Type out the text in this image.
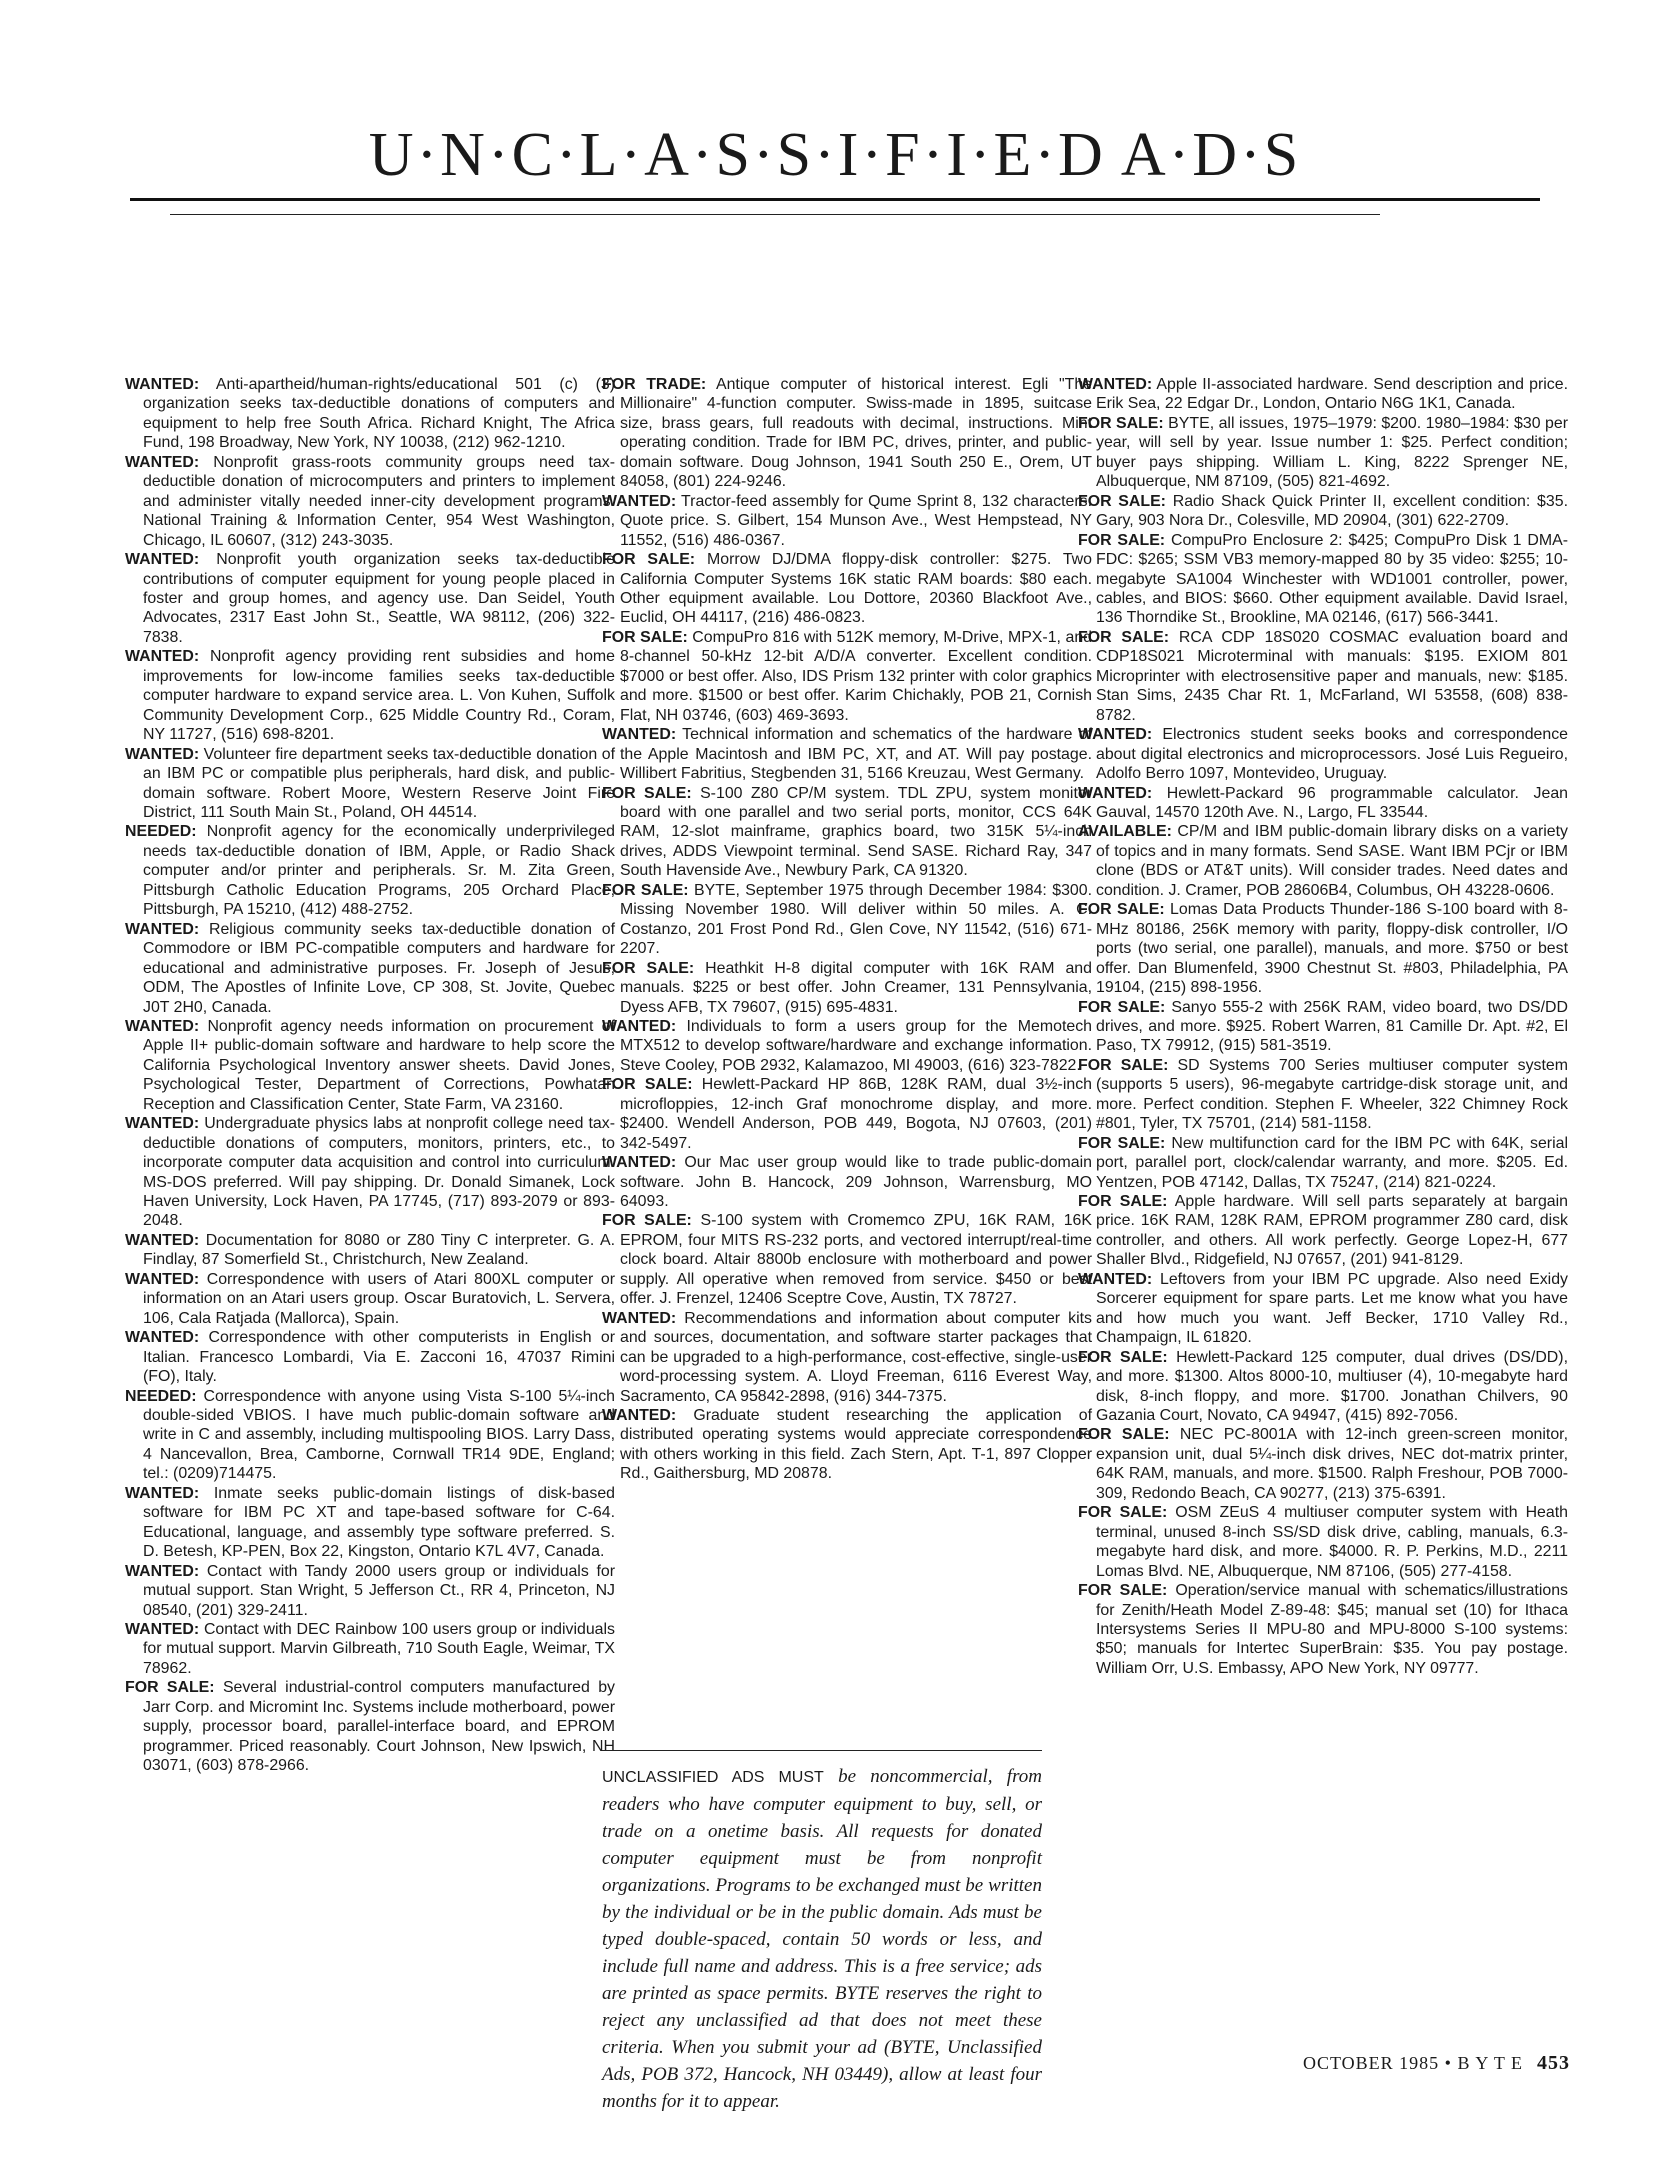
U·N·C·L·A·S·S·I·F·I·E·D A·D·S

WANTED: Anti-apartheid/human-rights/educational 501 (c) (3) organization seeks tax-deductible donations of computers and equipment to help free South Africa. Richard Knight, The Africa Fund, 198 Broadway, New York, NY 10038, (212) 962-1210.

WANTED: Nonprofit grass-roots community groups need tax-deductible donation of microcomputers and printers to implement and administer vitally needed inner-city development programs. National Training & Information Center, 954 West Washington, Chicago, IL 60607, (312) 243-3035.

WANTED: Nonprofit youth organization seeks tax-deductible contributions of computer equipment for young people placed in foster and group homes, and agency use. Dan Seidel, Youth Advocates, 2317 East John St., Seattle, WA 98112, (206) 322-7838.

WANTED: Nonprofit agency providing rent subsidies and home improvements for low-income families seeks tax-deductible computer hardware to expand service area. L. Von Kuhen, Suffolk Community Development Corp., 625 Middle Country Rd., Coram, NY 11727, (516) 698-8201.

WANTED: Volunteer fire department seeks tax-deductible donation of an IBM PC or compatible plus peripherals, hard disk, and public-domain software. Robert Moore, Western Reserve Joint Fire District, 111 South Main St., Poland, OH 44514.

NEEDED: Nonprofit agency for the economically underprivileged needs tax-deductible donation of IBM, Apple, or Radio Shack computer and/or printer and peripherals. Sr. M. Zita Green, Pittsburgh Catholic Education Programs, 205 Orchard Place, Pittsburgh, PA 15210, (412) 488-2752.

WANTED: Religious community seeks tax-deductible donation of Commodore or IBM PC-compatible computers and hardware for educational and administrative purposes. Fr. Joseph of Jesus, ODM, The Apostles of Infinite Love, CP 308, St. Jovite, Quebec J0T 2H0, Canada.

WANTED: Nonprofit agency needs information on procurement of Apple II+ public-domain software and hardware to help score the California Psychological Inventory answer sheets. David Jones, Psychological Tester, Department of Corrections, Powhatan Reception and Classification Center, State Farm, VA 23160.

WANTED: Undergraduate physics labs at nonprofit college need tax-deductible donations of computers, monitors, printers, etc., to incorporate computer data acquisition and control into curriculum. MS-DOS preferred. Will pay shipping. Dr. Donald Simanek, Lock Haven University, Lock Haven, PA 17745, (717) 893-2079 or 893-2048.

WANTED: Documentation for 8080 or Z80 Tiny C interpreter. G. A. Findlay, 87 Somerfield St., Christchurch, New Zealand.

WANTED: Correspondence with users of Atari 800XL computer or information on an Atari users group. Oscar Buratovich, L. Servera, 106, Cala Ratjada (Mallorca), Spain.

WANTED: Correspondence with other computerists in English or Italian. Francesco Lombardi, Via E. Zacconi 16, 47037 Rimini (FO), Italy.

NEEDED: Correspondence with anyone using Vista S-100 5¼-inch double-sided VBIOS. I have much public-domain software and write in C and assembly, including multispooling BIOS. Larry Dass, 4 Nancevallon, Brea, Camborne, Cornwall TR14 9DE, England; tel.: (0209)714475.

WANTED: Inmate seeks public-domain listings of disk-based software for IBM PC XT and tape-based software for C-64. Educational, language, and assembly type software preferred. S. D. Betesh, KP-PEN, Box 22, Kingston, Ontario K7L 4V7, Canada.

WANTED: Contact with Tandy 2000 users group or individuals for mutual support. Stan Wright, 5 Jefferson Ct., RR 4, Princeton, NJ 08540, (201) 329-2411.

WANTED: Contact with DEC Rainbow 100 users group or individuals for mutual support. Marvin Gilbreath, 710 South Eagle, Weimar, TX 78962.

FOR SALE: Several industrial-control computers manufactured by Jarr Corp. and Micromint Inc. Systems include motherboard, power supply, processor board, parallel-interface board, and EPROM programmer. Priced reasonably. Court Johnson, New Ipswich, NH 03071, (603) 878-2966.

FOR TRADE: Antique computer of historical interest. Egli "The Millionaire" 4-function computer. Swiss-made in 1895, suitcase size, brass gears, full readouts with decimal, instructions. Mint operating condition. Trade for IBM PC, drives, printer, and public-domain software. Doug Johnson, 1941 South 250 E., Orem, UT 84058, (801) 224-9246.

WANTED: Tractor-feed assembly for Qume Sprint 8, 132 characters. Quote price. S. Gilbert, 154 Munson Ave., West Hempstead, NY 11552, (516) 486-0367.

FOR SALE: Morrow DJ/DMA floppy-disk controller: $275. Two California Computer Systems 16K static RAM boards: $80 each. Other equipment available. Lou Dottore, 20360 Blackfoot Ave., Euclid, OH 44117, (216) 486-0823.

FOR SALE: CompuPro 816 with 512K memory, M-Drive, MPX-1, and 8-channel 50-kHz 12-bit A/D/A converter. Excellent condition. $7000 or best offer. Also, IDS Prism 132 printer with color graphics and more. $1500 or best offer. Karim Chichakly, POB 21, Cornish Flat, NH 03746, (603) 469-3693.

WANTED: Technical information and schematics of the hardware of the Apple Macintosh and IBM PC, XT, and AT. Will pay postage. Willibert Fabritius, Stegbenden 31, 5166 Kreuzau, West Germany.

FOR SALE: S-100 Z80 CP/M system. TDL ZPU, system monitor board with one parallel and two serial ports, monitor, CCS 64K RAM, 12-slot mainframe, graphics board, two 315K 5¼-inch drives, ADDS Viewpoint terminal. Send SASE. Richard Ray, 347 South Havenside Ave., Newbury Park, CA 91320.

FOR SALE: BYTE, September 1975 through December 1984: $300. Missing November 1980. Will deliver within 50 miles. A. C. Costanzo, 201 Frost Pond Rd., Glen Cove, NY 11542, (516) 671-2207.

FOR SALE: Heathkit H-8 digital computer with 16K RAM and manuals. $225 or best offer. John Creamer, 131 Pennsylvania, Dyess AFB, TX 79607, (915) 695-4831.

WANTED: Individuals to form a users group for the Memotech MTX512 to develop software/hardware and exchange information. Steve Cooley, POB 2932, Kalamazoo, MI 49003, (616) 323-7822.

FOR SALE: Hewlett-Packard HP 86B, 128K RAM, dual 3½-inch microfloppies, 12-inch Graf monochrome display, and more. $2400. Wendell Anderson, POB 449, Bogota, NJ 07603, (201) 342-5497.

WANTED: Our Mac user group would like to trade public-domain software. John B. Hancock, 209 Johnson, Warrensburg, MO 64093.

FOR SALE: S-100 system with Cromemco ZPU, 16K RAM, 16K EPROM, four MITS RS-232 ports, and vectored interrupt/real-time clock board. Altair 8800b enclosure with motherboard and power supply. All operative when removed from service. $450 or best offer. J. Frenzel, 12406 Sceptre Cove, Austin, TX 78727.

WANTED: Recommendations and information about computer kits and sources, documentation, and software starter packages that can be upgraded to a high-performance, cost-effective, single-user word-processing system. A. Lloyd Freeman, 6116 Everest Way, Sacramento, CA 95842-2898, (916) 344-7375.

WANTED: Graduate student researching the application of distributed operating systems would appreciate correspondence with others working in this field. Zach Stern, Apt. T-1, 897 Clopper Rd., Gaithersburg, MD 20878.

WANTED: Apple II-associated hardware. Send description and price. Erik Sea, 22 Edgar Dr., London, Ontario N6G 1K1, Canada.

FOR SALE: BYTE, all issues, 1975–1979: $200. 1980–1984: $30 per year, will sell by year. Issue number 1: $25. Perfect condition; buyer pays shipping. William L. King, 8222 Sprenger NE, Albuquerque, NM 87109, (505) 821-4692.

FOR SALE: Radio Shack Quick Printer II, excellent condition: $35. Gary, 903 Nora Dr., Colesville, MD 20904, (301) 622-2709.

FOR SALE: CompuPro Enclosure 2: $425; CompuPro Disk 1 DMA-FDC: $265; SSM VB3 memory-mapped 80 by 35 video: $255; 10-megabyte SA1004 Winchester with WD1001 controller, power, cables, and BIOS: $660. Other equipment available. David Israel, 136 Thorndike St., Brookline, MA 02146, (617) 566-3441.

FOR SALE: RCA CDP 18S020 COSMAC evaluation board and CDP18S021 Microterminal with manuals: $195. EXIOM 801 Microprinter with electrosensitive paper and manuals, new: $185. Stan Sims, 2435 Char Rt. 1, McFarland, WI 53558, (608) 838-8782.

WANTED: Electronics student seeks books and correspondence about digital electronics and microprocessors. José Luis Regueiro, Adolfo Berro 1097, Montevideo, Uruguay.

WANTED: Hewlett-Packard 96 programmable calculator. Jean Gauval, 14570 120th Ave. N., Largo, FL 33544.

AVAILABLE: CP/M and IBM public-domain library disks on a variety of topics and in many formats. Send SASE. Want IBM PCjr or IBM clone (BDS or AT&T units). Will consider trades. Need dates and condition. J. Cramer, POB 28606B4, Columbus, OH 43228-0606.

FOR SALE: Lomas Data Products Thunder-186 S-100 board with 8-MHz 80186, 256K memory with parity, floppy-disk controller, I/O ports (two serial, one parallel), manuals, and more. $750 or best offer. Dan Blumenfeld, 3900 Chestnut St. #803, Philadelphia, PA 19104, (215) 898-1956.

FOR SALE: Sanyo 555-2 with 256K RAM, video board, two DS/DD drives, and more. $925. Robert Warren, 81 Camille Dr. Apt. #2, El Paso, TX 79912, (915) 581-3519.

FOR SALE: SD Systems 700 Series multiuser computer system (supports 5 users), 96-megabyte cartridge-disk storage unit, and more. Perfect condition. Stephen F. Wheeler, 322 Chimney Rock #801, Tyler, TX 75701, (214) 581-1158.

FOR SALE: New multifunction card for the IBM PC with 64K, serial port, parallel port, clock/calendar warranty, and more. $205. Ed. Yentzen, POB 47142, Dallas, TX 75247, (214) 821-0224.

FOR SALE: Apple hardware. Will sell parts separately at bargain price. 16K RAM, 128K RAM, EPROM programmer Z80 card, disk controller, and others. All work perfectly. George Lopez-H, 677 Shaller Blvd., Ridgefield, NJ 07657, (201) 941-8129.

WANTED: Leftovers from your IBM PC upgrade. Also need Exidy Sorcerer equipment for spare parts. Let me know what you have and how much you want. Jeff Becker, 1710 Valley Rd., Champaign, IL 61820.

FOR SALE: Hewlett-Packard 125 computer, dual drives (DS/DD), and more. $1300. Altos 8000-10, multiuser (4), 10-megabyte hard disk, 8-inch floppy, and more. $1700. Jonathan Chilvers, 90 Gazania Court, Novato, CA 94947, (415) 892-7056.

FOR SALE: NEC PC-8001A with 12-inch green-screen monitor, expansion unit, dual 5¼-inch disk drives, NEC dot-matrix printer, 64K RAM, manuals, and more. $1500. Ralph Freshour, POB 7000-309, Redondo Beach, CA 90277, (213) 375-6391.

FOR SALE: OSM ZEuS 4 multiuser computer system with Heath terminal, unused 8-inch SS/SD disk drive, cabling, manuals, 6.3-megabyte hard disk, and more. $4000. R. P. Perkins, M.D., 2211 Lomas Blvd. NE, Albuquerque, NM 87106, (505) 277-4158.

FOR SALE: Operation/service manual with schematics/illustrations for Zenith/Heath Model Z-89-48: $45; manual set (10) for Ithaca Intersystems Series II MPU-80 and MPU-8000 S-100 systems: $50; manuals for Intertec SuperBrain: $35. You pay postage. William Orr, U.S. Embassy, APO New York, NY 09777.

UNCLASSIFIED ADS MUST be noncommercial, from readers who have computer equipment to buy, sell, or trade on a onetime basis. All requests for donated computer equipment must be from nonprofit organizations. Programs to be exchanged must be written by the individual or be in the public domain. Ads must be typed double-spaced, contain 50 words or less, and include full name and address. This is a free service; ads are printed as space permits. BYTE reserves the right to reject any unclassified ad that does not meet these criteria. When you submit your ad (BYTE, Unclassified Ads, POB 372, Hancock, NH 03449), allow at least four months for it to appear.
OCTOBER 1985 • B Y T E 453
